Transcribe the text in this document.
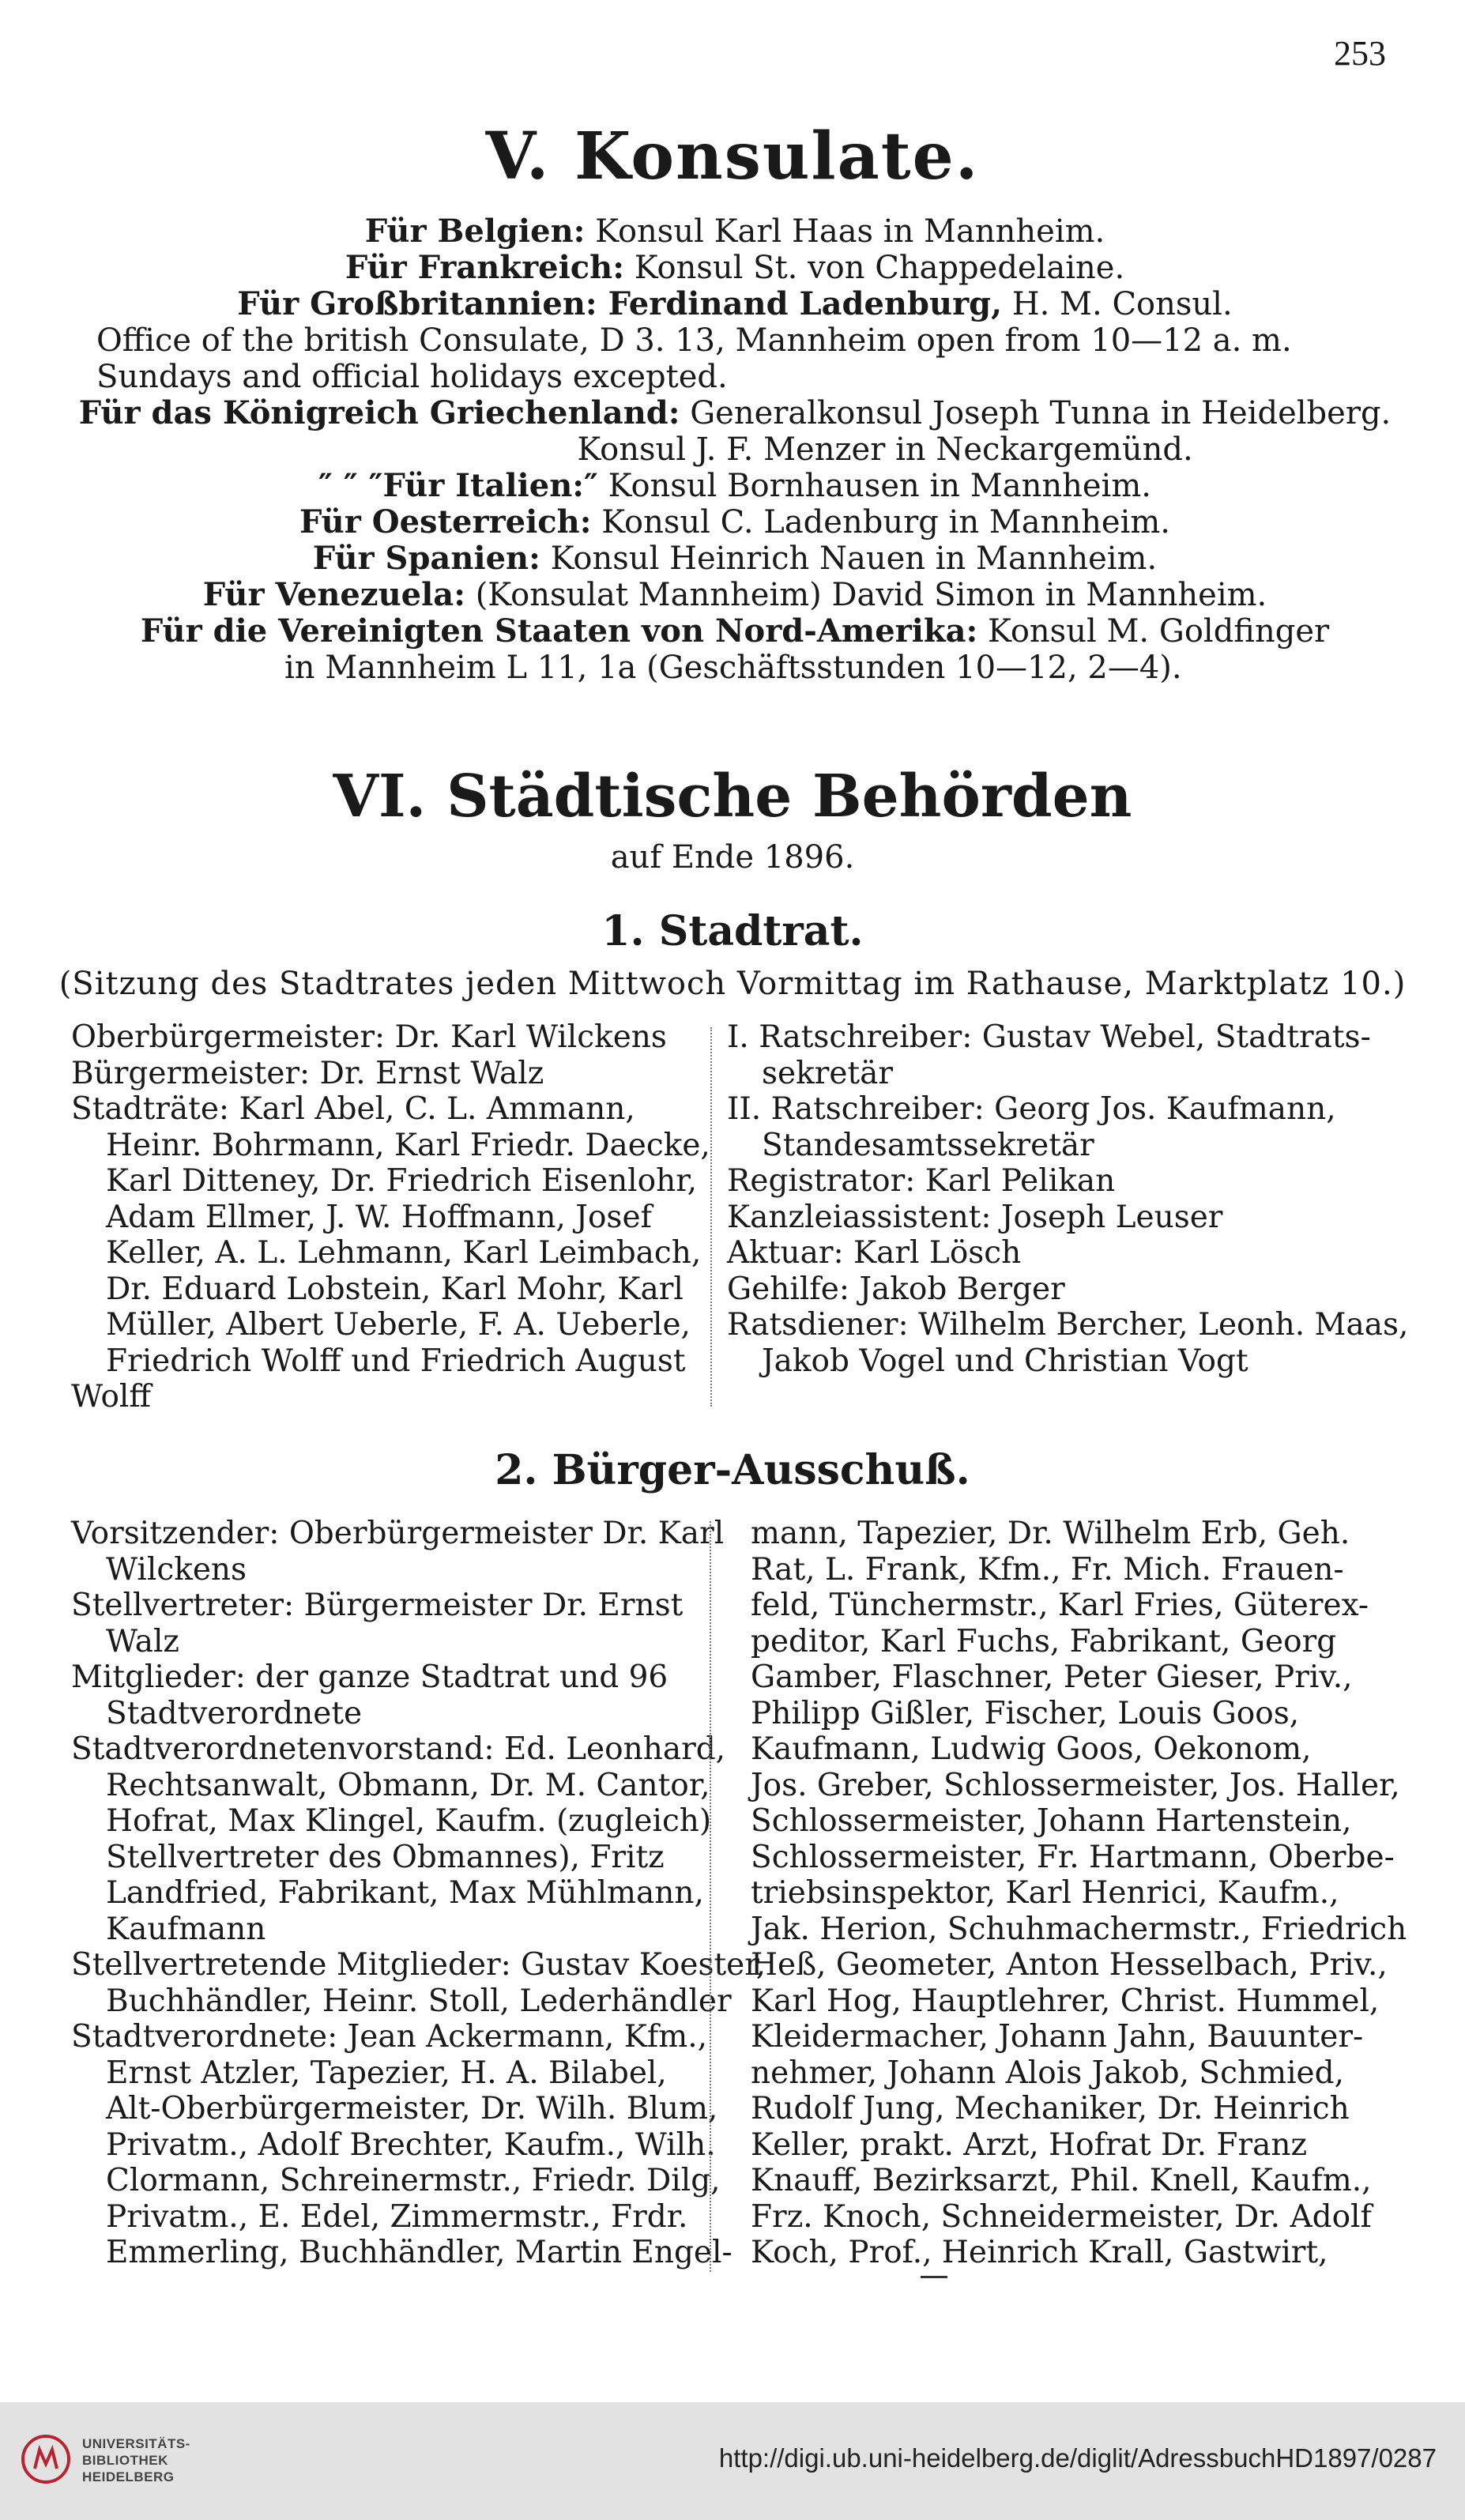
253
V. Konsulate.
Für Belgien: Konsul Karl Haas in Mannheim.
Für Frankreich: Konsul St. von Chappedelaine.
Für Großbritannien: Ferdinand Ladenburg, H. M. Consul.
Office of the british Consulate, D 3. 13, Mannheim open from 10—12 a. m.
Sundays and official holidays excepted.
Für das Königreich Griechenland: Generalkonsul Joseph Tunna in Heidelberg.
Konsul J. F. Menzer in Neckargemünd.
″ ″ ″Für Italien:″ Konsul Bornhausen in Mannheim.
Für Oesterreich: Konsul C. Ladenburg in Mannheim.
Für Spanien: Konsul Heinrich Nauen in Mannheim.
Für Venezuela: (Konsulat Mannheim) David Simon in Mannheim.
Für die Vereinigten Staaten von Nord-Amerika: Konsul M. Goldfinger
in Mannheim L 11, 1a (Geschäftsstunden 10—12, 2—4).
VI. Städtische Behörden
auf Ende 1896.
1. Stadtrat.
(Sitzung des Stadtrates jeden Mittwoch Vormittag im Rathause, Marktplatz 10.)
Oberbürgermeister: Dr. Karl Wilckens
Bürgermeister: Dr. Ernst Walz
Stadträte: Karl Abel, C. L. Ammann,
Heinr. Bohrmann, Karl Friedr. Daecke,
Karl Dittenеy, Dr. Friedrich Eisenlohr,
Adam Ellmer, J. W. Hoffmann, Josef
Keller, A. L. Lehmann, Karl Leimbach,
Dr. Eduard Lobstein, Karl Mohr, Karl
Müller, Albert Ueberle, F. A. Ueberle,
Friedrich Wolff und Friedrich August
Wolff
I. Ratschreiber: Gustav Webel, Stadtrats-
sekretär
II. Ratschreiber: Georg Jos. Kaufmann,
Standesamtssekretär
Registrator: Karl Pelikan
Kanzleiassistent: Joseph Leuser
Aktuar: Karl Lösch
Gehilfe: Jakob Berger
Ratsdiener: Wilhelm Bercher, Leonh. Maas,
Jakob Vogel und Christian Vogt
2. Bürger-Ausschuß.
Vorsitzender: Oberbürgermeister Dr. Karl
Wilckens
Stellvertreter: Bürgermeister Dr. Ernst
Walz
Mitglieder: der ganze Stadtrat und 96
Stadtverordnete
Stadtverordnetenvorstand: Ed. Leonhard,
Rechtsanwalt, Obmann, Dr. M. Cantor,
Hofrat, Max Klingel, Kaufm. (zugleich)
Stellvertreter des Obmannes), Fritz
Landfried, Fabrikant, Max Mühlmann,
Kaufmann
Stellvertretende Mitglieder: Gustav Koester,
Buchhändler, Heinr. Stoll, Lederhändler
Stadtverordnete: Jean Ackermann, Kfm.,
Ernst Atzler, Tapezier, H. A. Bilabel,
Alt-Oberbürgermeister, Dr. Wilh. Blum,
Privatm., Adolf Brechter, Kaufm., Wilh.
Clormann, Schreinermstr., Friedr. Dilg,
Privatm., E. Edel, Zimmermstr., Frdr.
Emmerling, Buchhändler, Martin Engel-
mann, Tapezier, Dr. Wilhelm Erb, Geh.
Rat, L. Frank, Kfm., Fr. Mich. Frauen-
feld, Tünchermstr., Karl Fries, Güterex-
peditor, Karl Fuchs, Fabrikant, Georg
Gamber, Flaschner, Peter Gieser, Priv.,
Philipp Gißler, Fischer, Louis Goos,
Kaufmann, Ludwig Goos, Oekonom,
Jos. Greber, Schlossermeister, Jos. Haller,
Schlossermeister, Johann Hartenstein,
Schlossermeister, Fr. Hartmann, Oberbe-
triebsinspektor, Karl Henrici, Kaufm.,
Jak. Herion, Schuhmachermstr., Friedrich
Heß, Geometer, Anton Hesselbach, Priv.,
Karl Hog, Hauptlehrer, Christ. Hummel,
Kleidermacher, Johann Jahn, Bauunter-
nehmer, Johann Alois Jakob, Schmied,
Rudolf Jung, Mechaniker, Dr. Heinrich
Keller, prakt. Arzt, Hofrat Dr. Franz
Knauff, Bezirksarzt, Phil. Knell, Kaufm.,
Frz. Knoch, Schneidermeister, Dr. Adolf
Koch, Prof., Heinrich Krall, Gastwirt,
UNIVERSITÄTS-
BIBLIOTHEK
HEIDELBERG
http://digi.ub.uni-heidelberg.de/diglit/AdressbuchHD1897/0287
